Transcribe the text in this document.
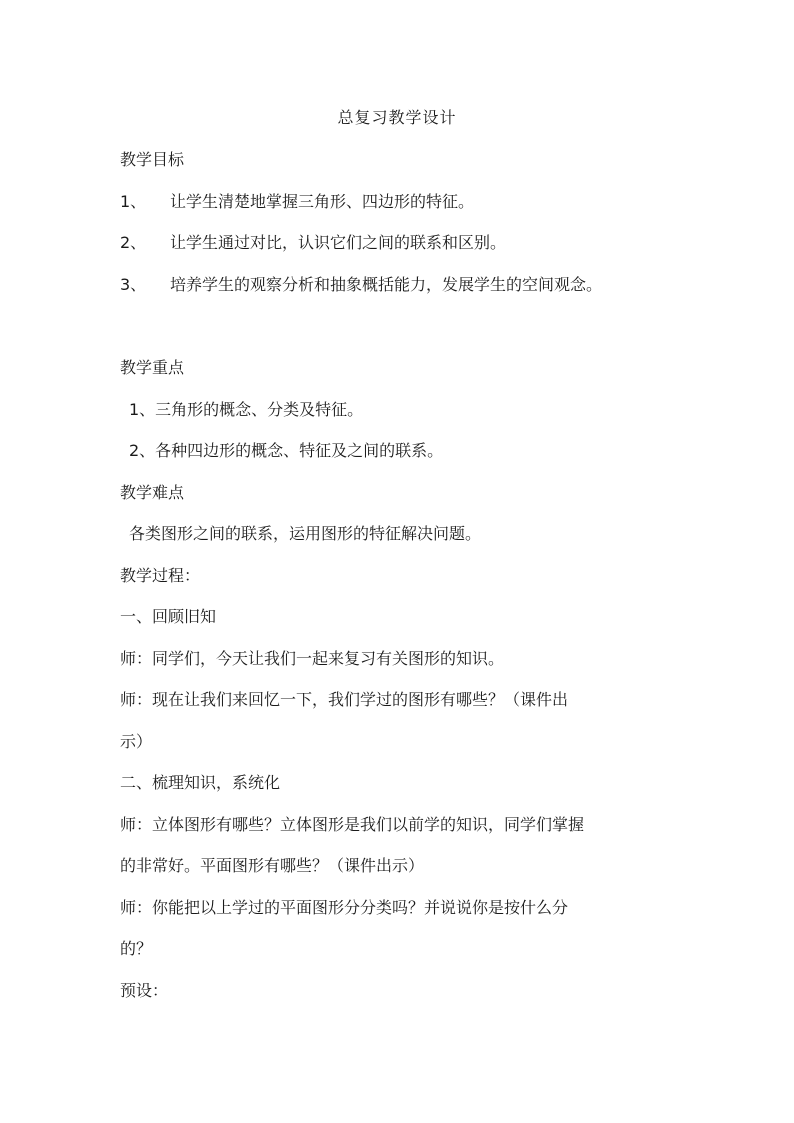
总复习教学设计
教学目标
1、 让学生清楚地掌握三角形、四边形的特征。
2、 让学生通过对比，认识它们之间的联系和区别。
3、 培养学生的观察分析和抽象概括能力，发展学生的空间观念。
教学重点
1、三角形的概念、分类及特征。
2、各种四边形的概念、特征及之间的联系。
教学难点
各类图形之间的联系，运用图形的特征解决问题。
教学过程：
一、回顾旧知
师：同学们，今天让我们一起来复习有关图形的知识。
师：现在让我们来回忆一下，我们学过的图形有哪些？（课件出
示）
二、梳理知识，系统化
师：立体图形有哪些？立体图形是我们以前学的知识，同学们掌握
的非常好。平面图形有哪些？（课件出示）
师：你能把以上学过的平面图形分分类吗？并说说你是按什么分
的？
预设：
